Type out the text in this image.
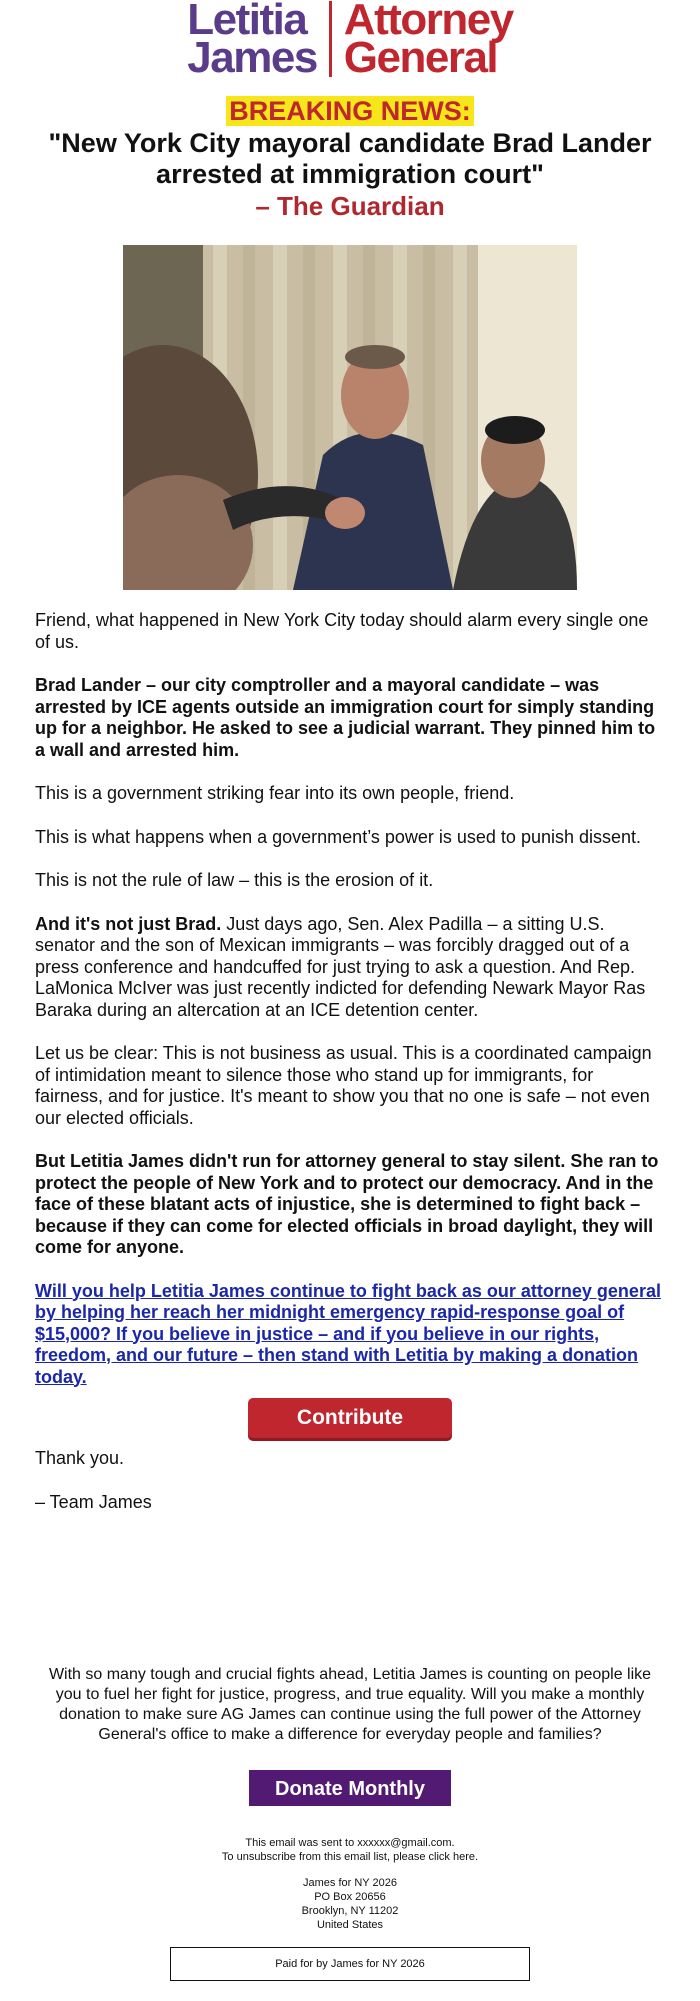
Letitia
James
Attorney
General
BREAKING NEWS:
"New York City mayoral candidate Brad Lander arrested at immigration court"
– The Guardian

Friend, what happened in New York City today should alarm every single one of us.

Brad Lander – our city comptroller and a mayoral candidate – was arrested by ICE agents outside an immigration court for simply standing up for a neighbor. He asked to see a judicial warrant. They pinned him to a wall and arrested him.

This is a government striking fear into its own people, friend.

This is what happens when a government’s power is used to punish dissent.

This is not the rule of law – this is the erosion of it.

And it's not just Brad. Just days ago, Sen. Alex Padilla – a sitting U.S. senator and the son of Mexican immigrants – was forcibly dragged out of a press conference and handcuffed for just trying to ask a question. And Rep. LaMonica McIver was just recently indicted for defending Newark Mayor Ras Baraka during an altercation at an ICE detention center.

Let us be clear: This is not business as usual. This is a coordinated campaign of intimidation meant to silence those who stand up for immigrants, for fairness, and for justice. It's meant to show you that no one is safe – not even our elected officials.

But Letitia James didn't run for attorney general to stay silent. She ran to protect the people of New York and to protect our democracy. And in the face of these blatant acts of injustice, she is determined to fight back – because if they can come for elected officials in broad daylight, they will come for anyone.

Will you help Letitia James continue to fight back as our attorney general by helping her reach her midnight emergency rapid-response goal of $15,000? If you believe in justice – and if you believe in our rights, freedom, and our future – then stand with Letitia by making a donation today.
Contribute

Thank you.

– Team James

With so many tough and crucial fights ahead, Letitia James is counting on people like you to fuel her fight for justice, progress, and true equality. Will you make a monthly donation to make sure AG James can continue using the full power of the Attorney General's office to make a difference for everyday people and families?
Donate Monthly
This email was sent to xxxxxx@gmail.com.
To unsubscribe from this email list, please click here.
James for NY 2026
PO Box 20656
Brooklyn, NY 11202
United States
Paid for by James for NY 2026
